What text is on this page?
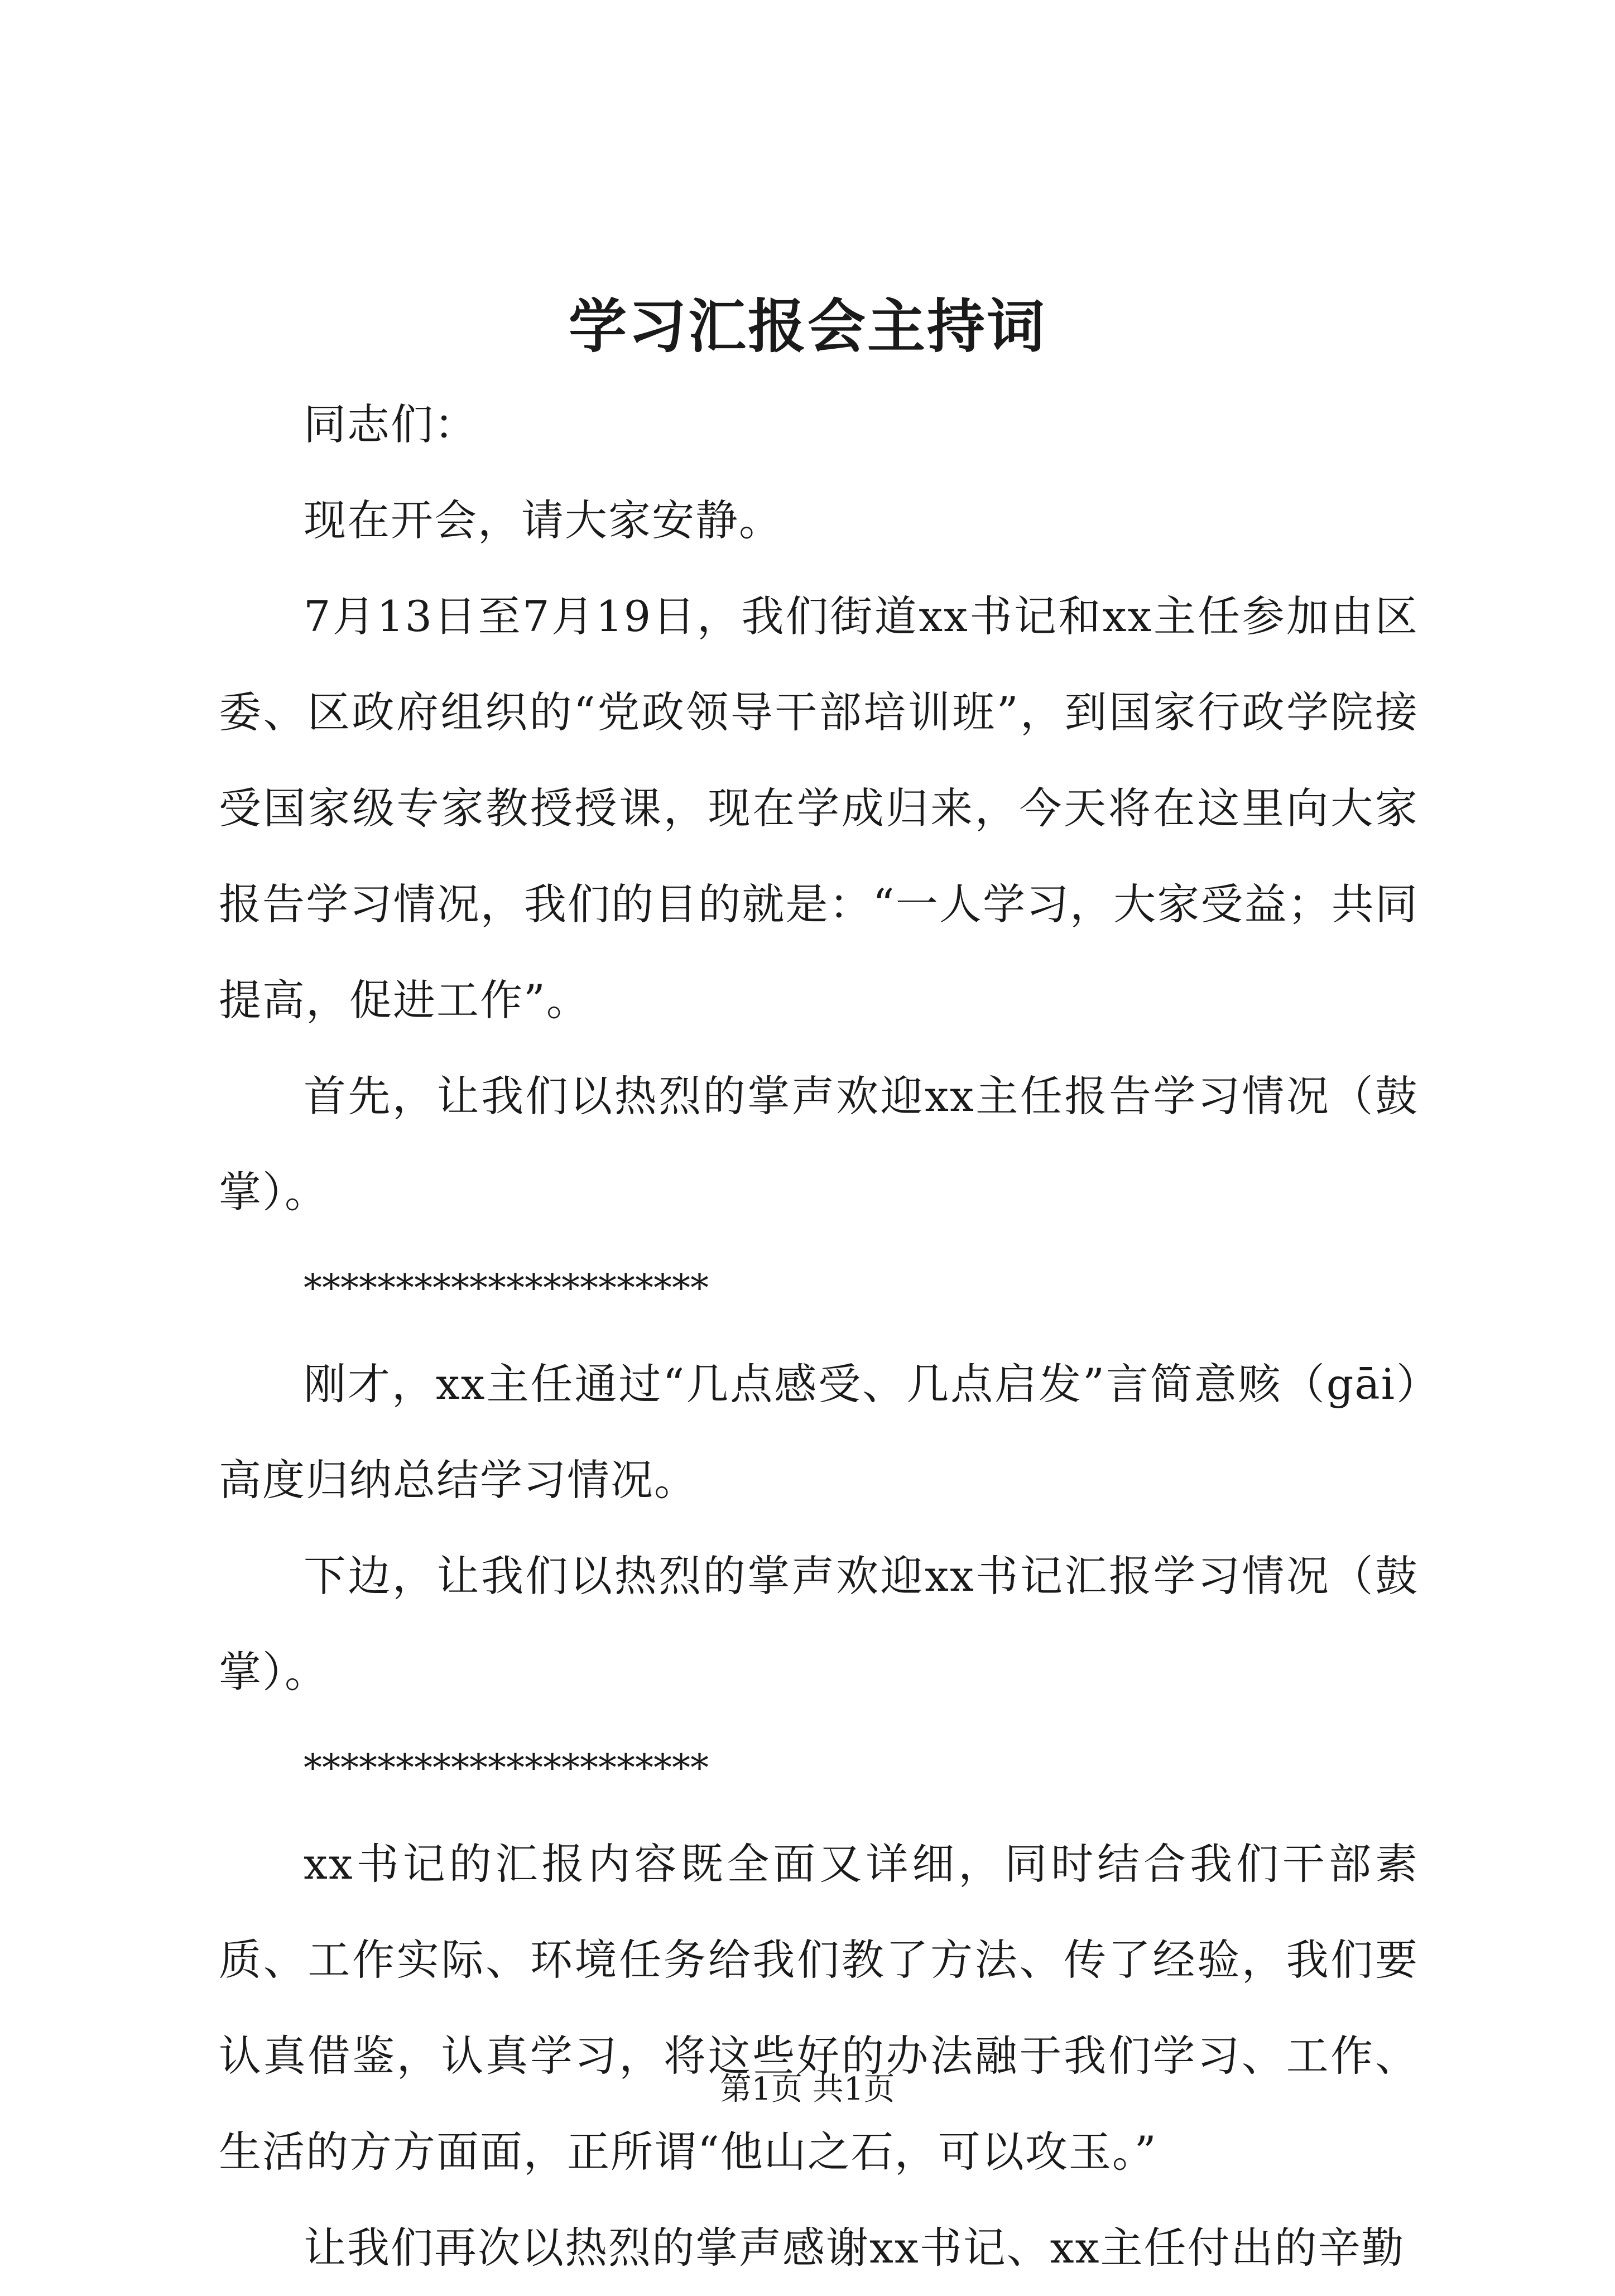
学习汇报会主持词

同志们：

现在开会，请大家安静。

7月13日至7月19日，我们街道xx书记和xx主任参加由区委、区政府组织的“党政领导干部培训班”，到国家行政学院接受国家级专家教授授课，现在学成归来，今天将在这里向大家报告学习情况，我们的目的就是：“一人学习，大家受益；共同提高，促进工作”。

首先，让我们以热烈的掌声欢迎xx主任报告学习情况（鼓掌）。

**********************

刚才，xx主任通过“几点感受、几点启发”言简意赅（gāi）高度归纳总结学习情况。

下边，让我们以热烈的掌声欢迎xx书记汇报学习情况（鼓掌）。

**********************

xx书记的汇报内容既全面又详细，同时结合我们干部素质、工作实际、环境任务给我们教了方法、传了经验，我们要认真借鉴，认真学习，将这些好的办法融于我们学习、工作、生活的方方面面，正所谓“他山之石，可以攻玉。”

让我们再次以热烈的掌声感谢xx书记、xx主任付出的辛勤

第1页 共1页
